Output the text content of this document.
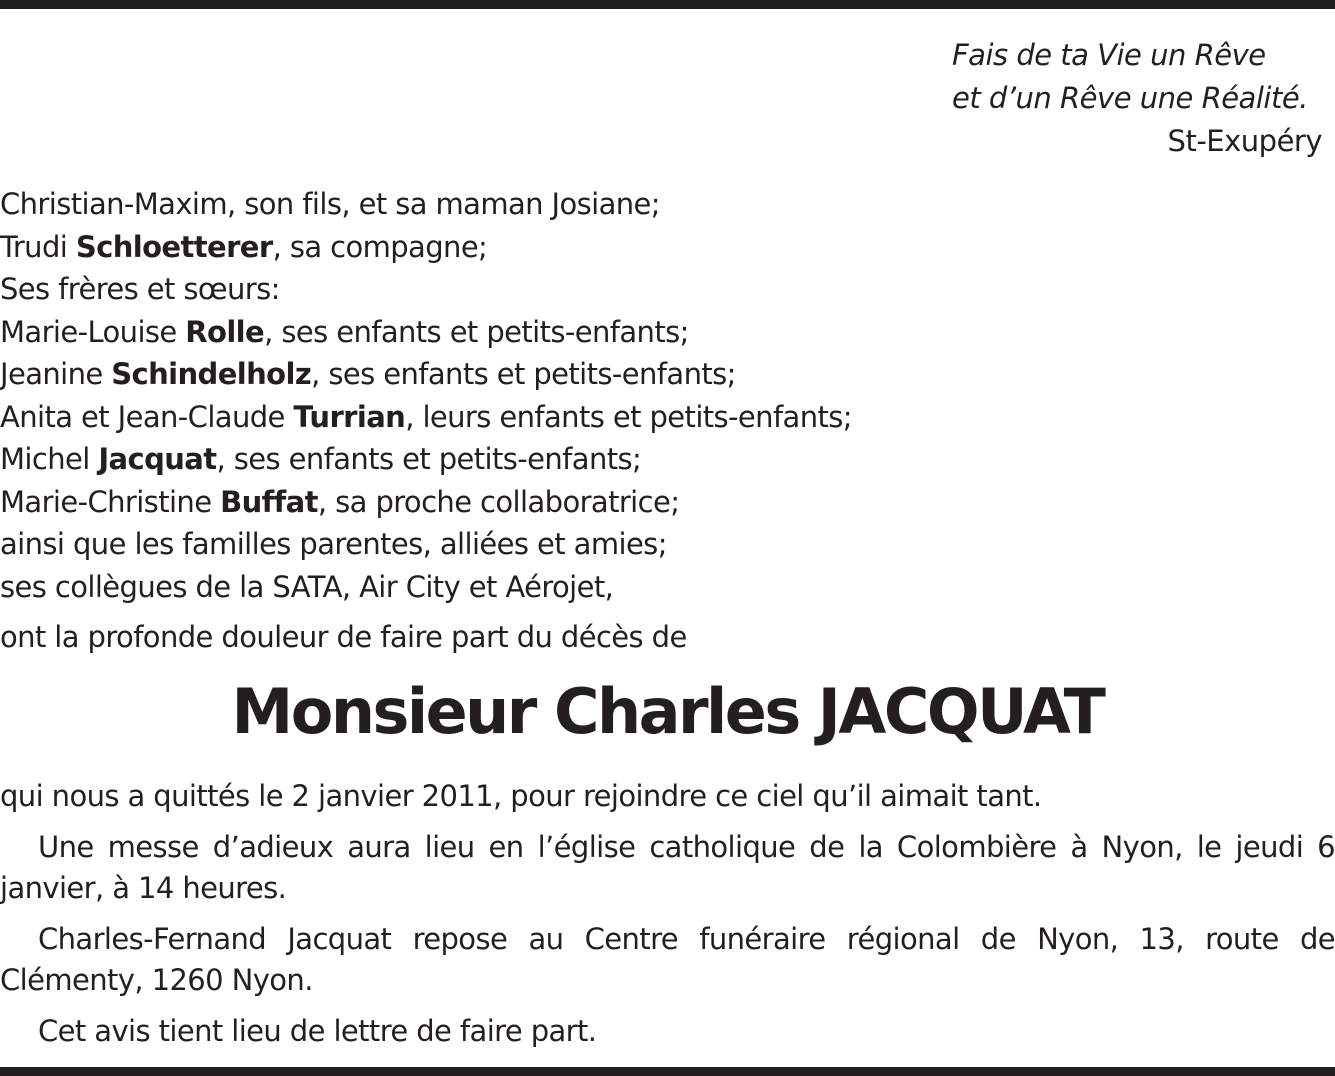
Fais de ta Vie un Rêve
et d’un Rêve une Réalité.
St-Exupéry
Christian-Maxim, son fils, et sa maman Josiane;
Trudi Schloetterer, sa compagne;
Ses frères et sœurs:
Marie-Louise Rolle, ses enfants et petits-enfants;
Jeanine Schindelholz, ses enfants et petits-enfants;
Anita et Jean-Claude Turrian, leurs enfants et petits-enfants;
Michel Jacquat, ses enfants et petits-enfants;
Marie-Christine Buffat, sa proche collaboratrice;
ainsi que les familles parentes, alliées et amies;
ses collègues de la SATA, Air City et Aérojet,
ont la profonde douleur de faire part du décès de
Monsieur Charles JACQUAT

qui nous a quittés le 2 janvier 2011, pour rejoindre ce ciel qu’il aimait tant.

Une messe d’adieux aura lieu en l’église catholique de la Colombière à Nyon, le jeudi 6 janvier, à 14 heures.

Charles-Fernand Jacquat repose au Centre funéraire régional de Nyon, 13, route de Clémenty, 1260 Nyon.

Cet avis tient lieu de lettre de faire part.
